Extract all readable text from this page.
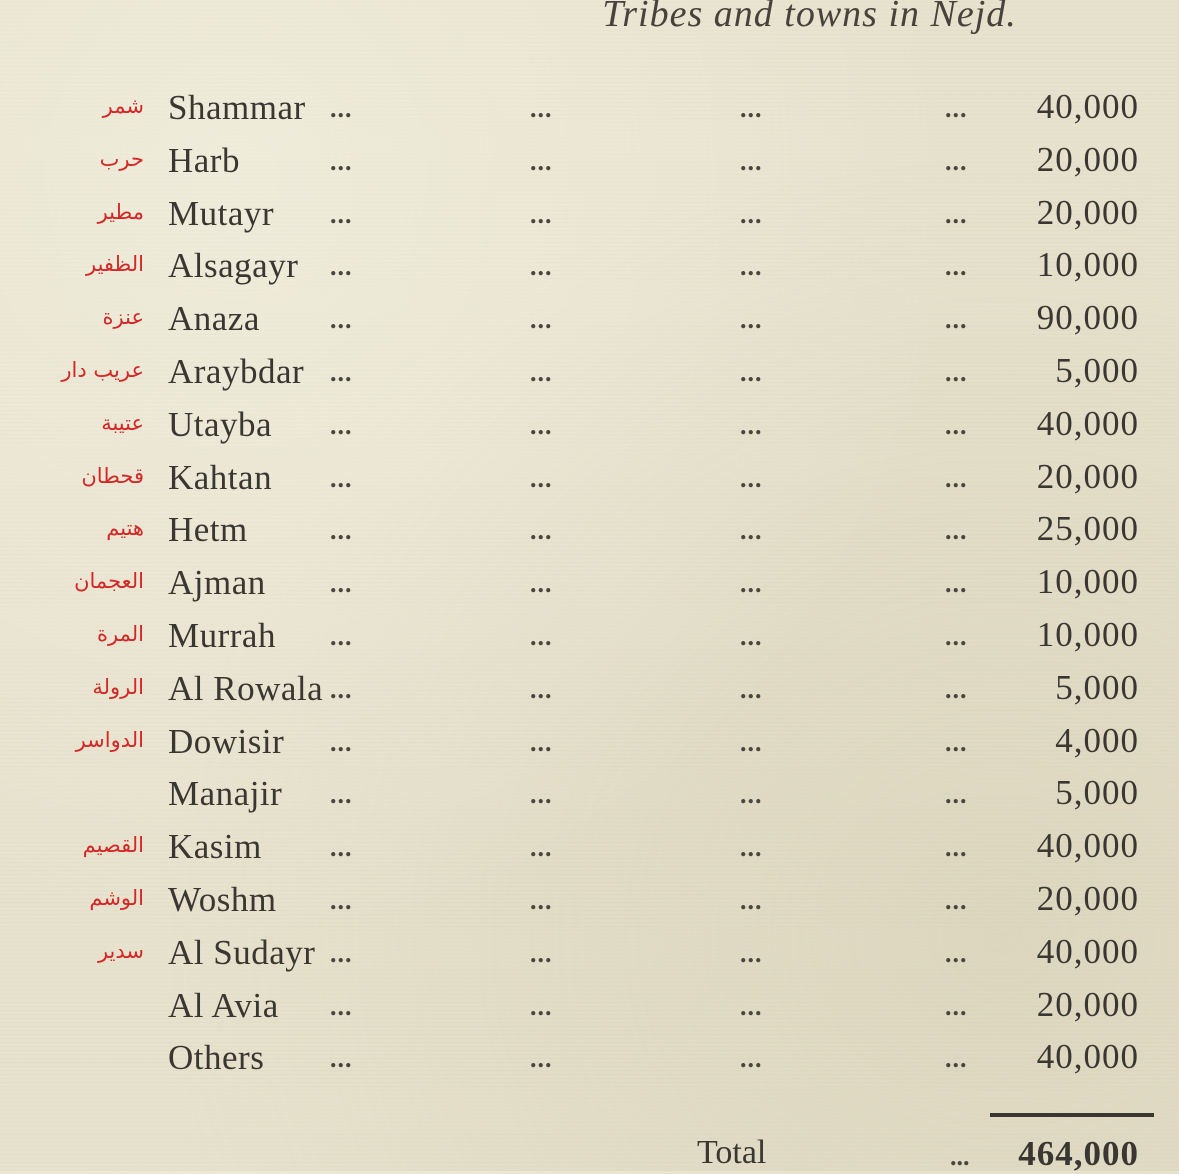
Tribes and towns in Nejd.
شمر Shammar ...	...	...	... 40,000
حرب Harb	...	...	...	... 20,000
مطير Mutayr ...	...	...	... 20,000
الظفير Alsagayr ...	...	...	... 10,000
عنزة Anaza	...	...	...	... 90,000
عريب دار Araybdar ...	...	...	...	5,000
عتيبة Utayba ...	...	...	... 40,000
قحطان Kahtan ...	...	...	... 20,000
هتيم Hetm	...	...	...	... 25,000
العجمان Ajman ...	...	...	... 10,000
المرة Murrah ...	...	...	... 10,000
الرولة Al Rowala ...	...	...	...	5,000
الدواسر Dowisir ...	...	...	...	4,000
Manajir ...	...	...	...	5,000
القصيم Kasim	...	...	...	... 40,000
الوشم Woshm ...	...	...	... 20,000
سدير Al Sudayr ...	...	...	... 40,000
Al Avia ...	...	...	... 20,000
Others	...	...	...	... 40,000
Total	... 464,000
